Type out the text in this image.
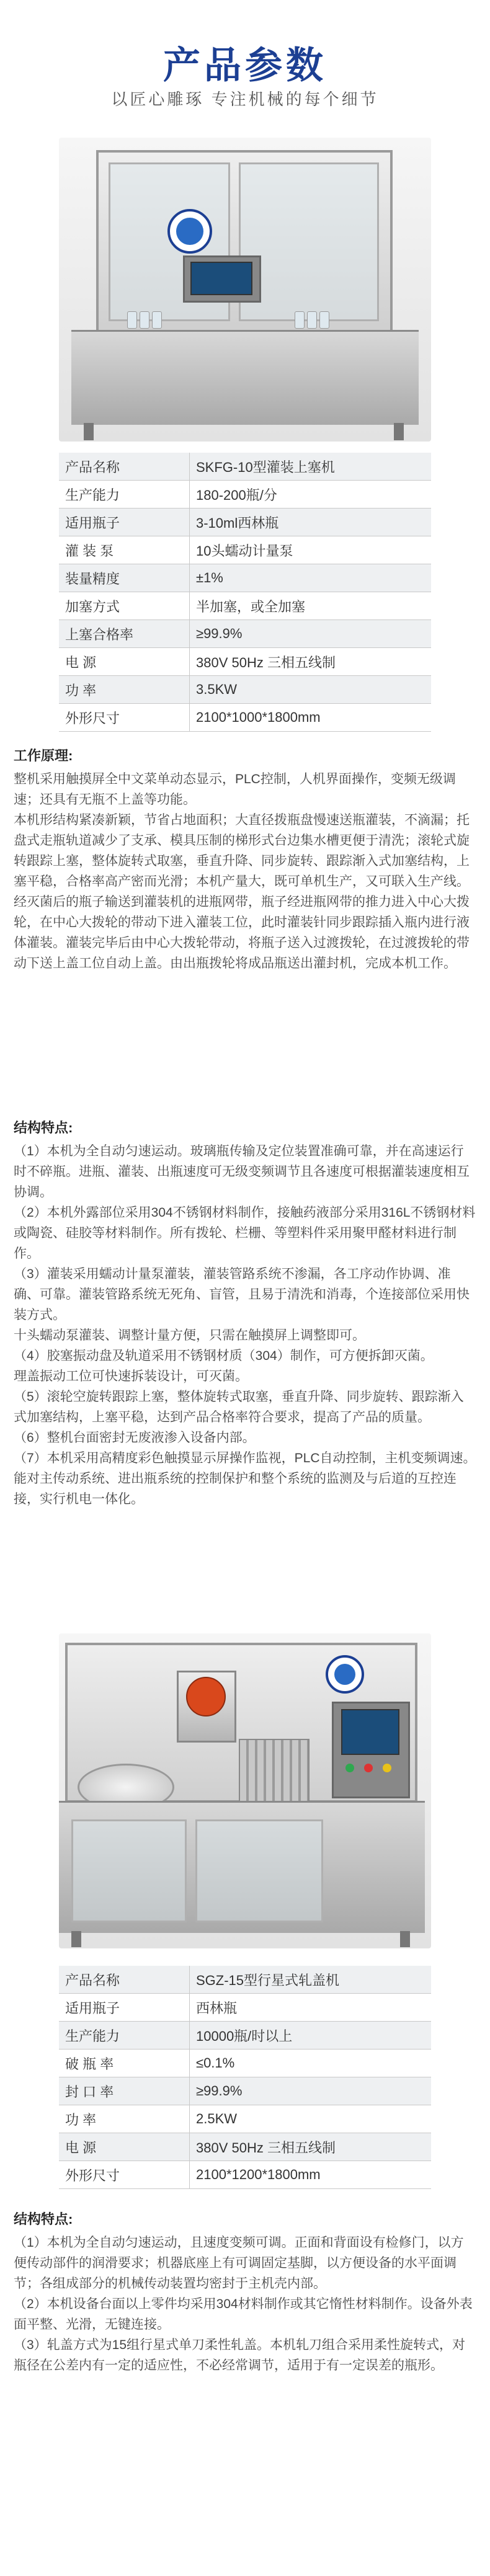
产品参数
以匠心雕琢 专注机械的每个细节
产品名称	SKFG-10型灌装上塞机
生产能力	180-200瓶/分
适用瓶子	3-10ml西林瓶
灌 装 泵	10头蠕动计量泵
装量精度	±1%
加塞方式	半加塞，或全加塞
上塞合格率	≥99.9%
电 源	380V 50Hz 三相五线制
功 率	3.5KW
外形尺寸	2100*1000*1800mm
工作原理:

整机采用触摸屏全中文菜单动态显示，PLC控制，人机界面操作，变频无级调速；还具有无瓶不上盖等功能。

本机形结构紧凑新颖，节省占地面积；大直径拨瓶盘慢速送瓶灌装，不滴漏；托盘式走瓶轨道减少了支承、模具压制的梯形式台边集水槽更便于清洗；滚轮式旋转跟踪上塞，整体旋转式取塞，垂直升降、同步旋转、跟踪渐入式加塞结构，上塞平稳，合格率高产密而光滑；本机产量大，既可单机生产，又可联入生产线。

经灭菌后的瓶子输送到灌装机的进瓶网带，瓶子经进瓶网带的推力进入中心大拨轮，在中心大拨轮的带动下进入灌装工位，此时灌装针同步跟踪插入瓶内进行液体灌装。灌装完毕后由中心大拨轮带动，将瓶子送入过渡拨轮，在过渡拨轮的带动下送上盖工位自动上盖。由出瓶拨轮将成品瓶送出灌封机，完成本机工作。

结构特点:

（1）本机为全自动匀速运动。玻璃瓶传输及定位装置准确可靠，并在高速运行时不碎瓶。进瓶、灌装、出瓶速度可无级变频调节且各速度可根据灌装速度相互协调。

（2）本机外露部位采用304不锈钢材料制作，接触药液部分采用316L不锈钢材料或陶瓷、硅胶等材料制作。所有拨轮、栏栅、等塑料件采用聚甲醛材料进行制作。

（3）灌装采用蠕动计量泵灌装，灌装管路系统不渗漏，各工序动作协调、准确、可靠。灌装管路系统无死角、盲管，且易于清洗和消毒，个连接部位采用快装方式。

十头蠕动泵灌装、调整计量方便，只需在触摸屏上调整即可。

（4）胶塞振动盘及轨道采用不锈钢材质（304）制作，可方便拆卸灭菌。

理盖振动工位可快速拆装设计，可灭菌。

（5）滚轮空旋转跟踪上塞，整体旋转式取塞，垂直升降、同步旋转、跟踪渐入式加塞结构，上塞平稳，达到产品合格率符合要求，提高了产品的质量。

（6）整机台面密封无废液渗入设备内部。

（7）本机采用高精度彩色触摸显示屏操作监视，PLC自动控制，主机变频调速。能对主传动系统、进出瓶系统的控制保护和整个系统的监测及与后道的互控连接，实行机电一体化。

产品名称	SGZ-15型行星式轧盖机
适用瓶子	西林瓶
生产能力	10000瓶/时以上
破 瓶 率	≤0.1%
封 口 率	≥99.9%
功 率	2.5KW
电 源	380V 50Hz 三相五线制
外形尺寸	2100*1200*1800mm
结构特点:

（1）本机为全自动匀速运动，且速度变频可调。正面和背面设有检修门，以方便传动部件的润滑要求；机器底座上有可调固定基脚，以方便设备的水平面调节；各组成部分的机械传动装置均密封于主机壳内部。

（2）本机设备台面以上零件均采用304材料制作或其它惰性材料制作。设备外表面平整、光滑，无键连接。

（3）轧盖方式为15组行星式单刀柔性轧盖。本机轧刀组合采用柔性旋转式，对瓶径在公差内有一定的适应性，不必经常调节，适用于有一定误差的瓶形。
